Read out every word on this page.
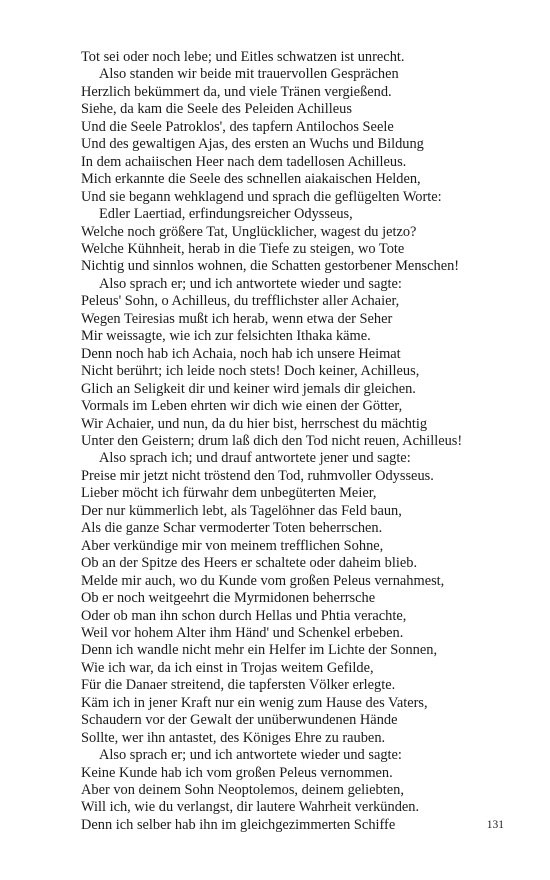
Tot sei oder noch lebe; und Eitles schwatzen ist unrecht.
Also standen wir beide mit trauervollen Gesprächen
Herzlich bekümmert da, und viele Tränen vergießend.
Siehe, da kam die Seele des Peleiden Achilleus
Und die Seele Patroklos', des tapfern Antilochos Seele
Und des gewaltigen Ajas, des ersten an Wuchs und Bildung
In dem achaiischen Heer nach dem tadellosen Achilleus.
Mich erkannte die Seele des schnellen aiakaischen Helden,
Und sie begann wehklagend und sprach die geflügelten Worte:
Edler Laertiad, erfindungsreicher Odysseus,
Welche noch größere Tat, Unglücklicher, wagest du jetzo?
Welche Kühnheit, herab in die Tiefe zu steigen, wo Tote
Nichtig und sinnlos wohnen, die Schatten gestorbener Menschen!
Also sprach er; und ich antwortete wieder und sagte:
Peleus' Sohn, o Achilleus, du trefflichster aller Achaier,
Wegen Teiresias mußt ich herab, wenn etwa der Seher
Mir weissagte, wie ich zur felsichten Ithaka käme.
Denn noch hab ich Achaia, noch hab ich unsere Heimat
Nicht berührt; ich leide noch stets! Doch keiner, Achilleus,
Glich an Seligkeit dir und keiner wird jemals dir gleichen.
Vormals im Leben ehrten wir dich wie einen der Götter,
Wir Achaier, und nun, da du hier bist, herrschest du mächtig
Unter den Geistern; drum laß dich den Tod nicht reuen, Achilleus!
Also sprach ich; und drauf antwortete jener und sagte:
Preise mir jetzt nicht tröstend den Tod, ruhmvoller Odysseus.
Lieber möcht ich fürwahr dem unbegüterten Meier,
Der nur kümmerlich lebt, als Tagelöhner das Feld baun,
Als die ganze Schar vermoderter Toten beherrschen.
Aber verkündige mir von meinem trefflichen Sohne,
Ob an der Spitze des Heers er schaltete oder daheim blieb.
Melde mir auch, wo du Kunde vom großen Peleus vernahmest,
Ob er noch weitgeehrt die Myrmidonen beherrsche
Oder ob man ihn schon durch Hellas und Phtia verachte,
Weil vor hohem Alter ihm Händ' und Schenkel erbeben.
Denn ich wandle nicht mehr ein Helfer im Lichte der Sonnen,
Wie ich war, da ich einst in Trojas weitem Gefilde,
Für die Danaer streitend, die tapfersten Völker erlegte.
Käm ich in jener Kraft nur ein wenig zum Hause des Vaters,
Schaudern vor der Gewalt der unüberwundenen Hände
Sollte, wer ihn antastet, des Königes Ehre zu rauben.
Also sprach er; und ich antwortete wieder und sagte:
Keine Kunde hab ich vom großen Peleus vernommen.
Aber von deinem Sohn Neoptolemos, deinem geliebten,
Will ich, wie du verlangst, dir lautere Wahrheit verkünden.
Denn ich selber hab ihn im gleichgezimmerten Schiffe	131
